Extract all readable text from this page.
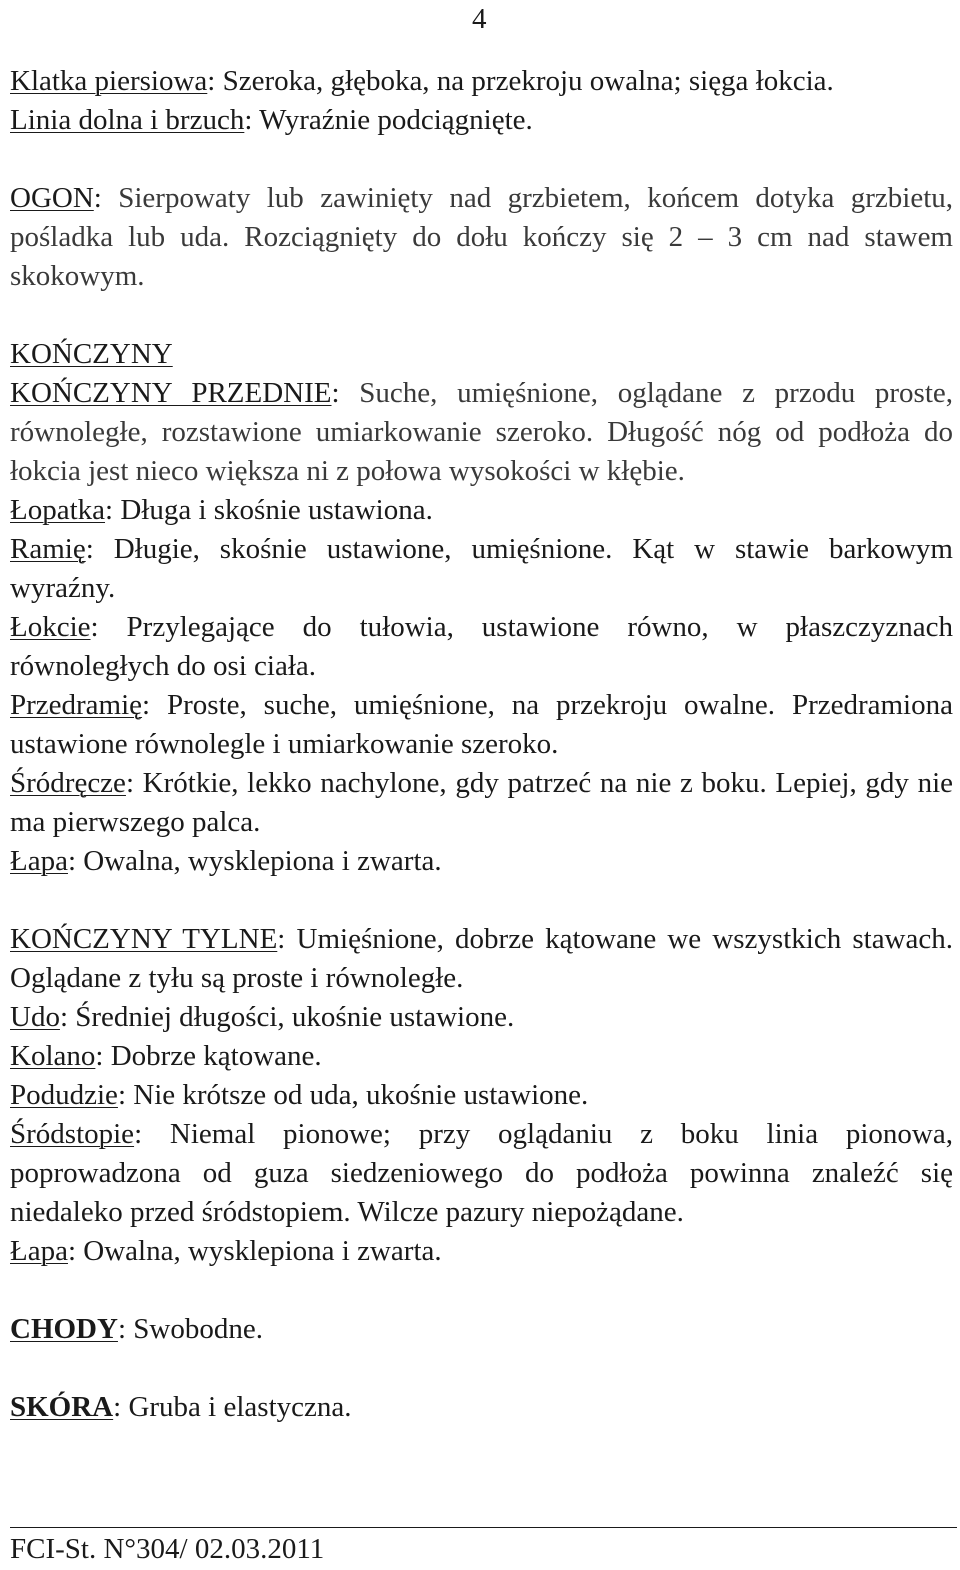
4

Klatka piersiowa: Szeroka, głęboka, na przekroju owalna; sięga łokcia.

Linia dolna i brzuch: Wyraźnie podciągnięte.

OGON: Sierpowaty lub zawinięty nad grzbietem, końcem dotyka grzbietu, pośladka lub uda. Rozciągnięty do dołu kończy się 2 – 3 cm nad stawem skokowym.

KOŃCZYNY

KOŃCZYNY PRZEDNIE: Suche, umięśnione, oglądane z przodu proste, równoległe, rozstawione umiarkowanie szeroko. Długość nóg od podłoża do łokcia jest nieco większa ni z połowa wysokości w kłębie.

Łopatka: Długa i skośnie ustawiona.

Ramię: Długie, skośnie ustawione, umięśnione. Kąt w stawie barkowym wyraźny.

Łokcie: Przylegające do tułowia, ustawione równo, w płaszczyznach równoległych do osi ciała.

Przedramię: Proste, suche, umięśnione, na przekroju owalne. Przedramiona ustawione równolegle i umiarkowanie szeroko.

Śródręcze: Krótkie, lekko nachylone, gdy patrzeć na nie z boku. Lepiej, gdy nie ma pierwszego palca.

Łapa: Owalna, wysklepiona i zwarta.

KOŃCZYNY TYLNE: Umięśnione, dobrze kątowane we wszystkich stawach. Oglądane z tyłu są proste i równoległe.

Udo: Średniej długości, ukośnie ustawione.

Kolano: Dobrze kątowane.

Podudzie: Nie krótsze od uda, ukośnie ustawione.

Śródstopie: Niemal pionowe; przy oglądaniu z boku linia pionowa, poprowadzona od guza siedzeniowego do podłoża powinna znaleźć się niedaleko przed śródstopiem. Wilcze pazury niepożądane.

Łapa: Owalna, wysklepiona i zwarta.

CHODY: Swobodne.

SKÓRA: Gruba i elastyczna.

FCI-St. N°304/ 02.03.2011
